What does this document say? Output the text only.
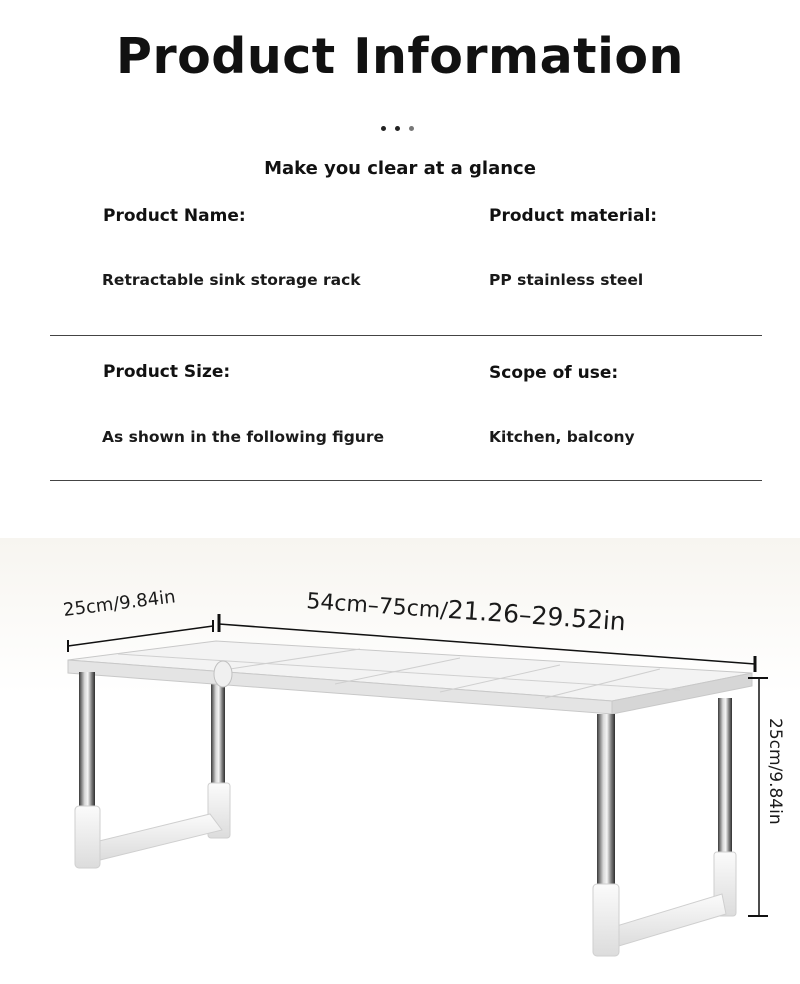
Product Information
Make you clear at a glance
Product Name:	Product material:
Retractable sink storage rack	PP stainless steel
Product Size:	Scope of use:
As shown in the following figure	Kitchen, balcony
25cm/9.84in	54cm–75cm/21.26–29.52in
25cm/9.84in
